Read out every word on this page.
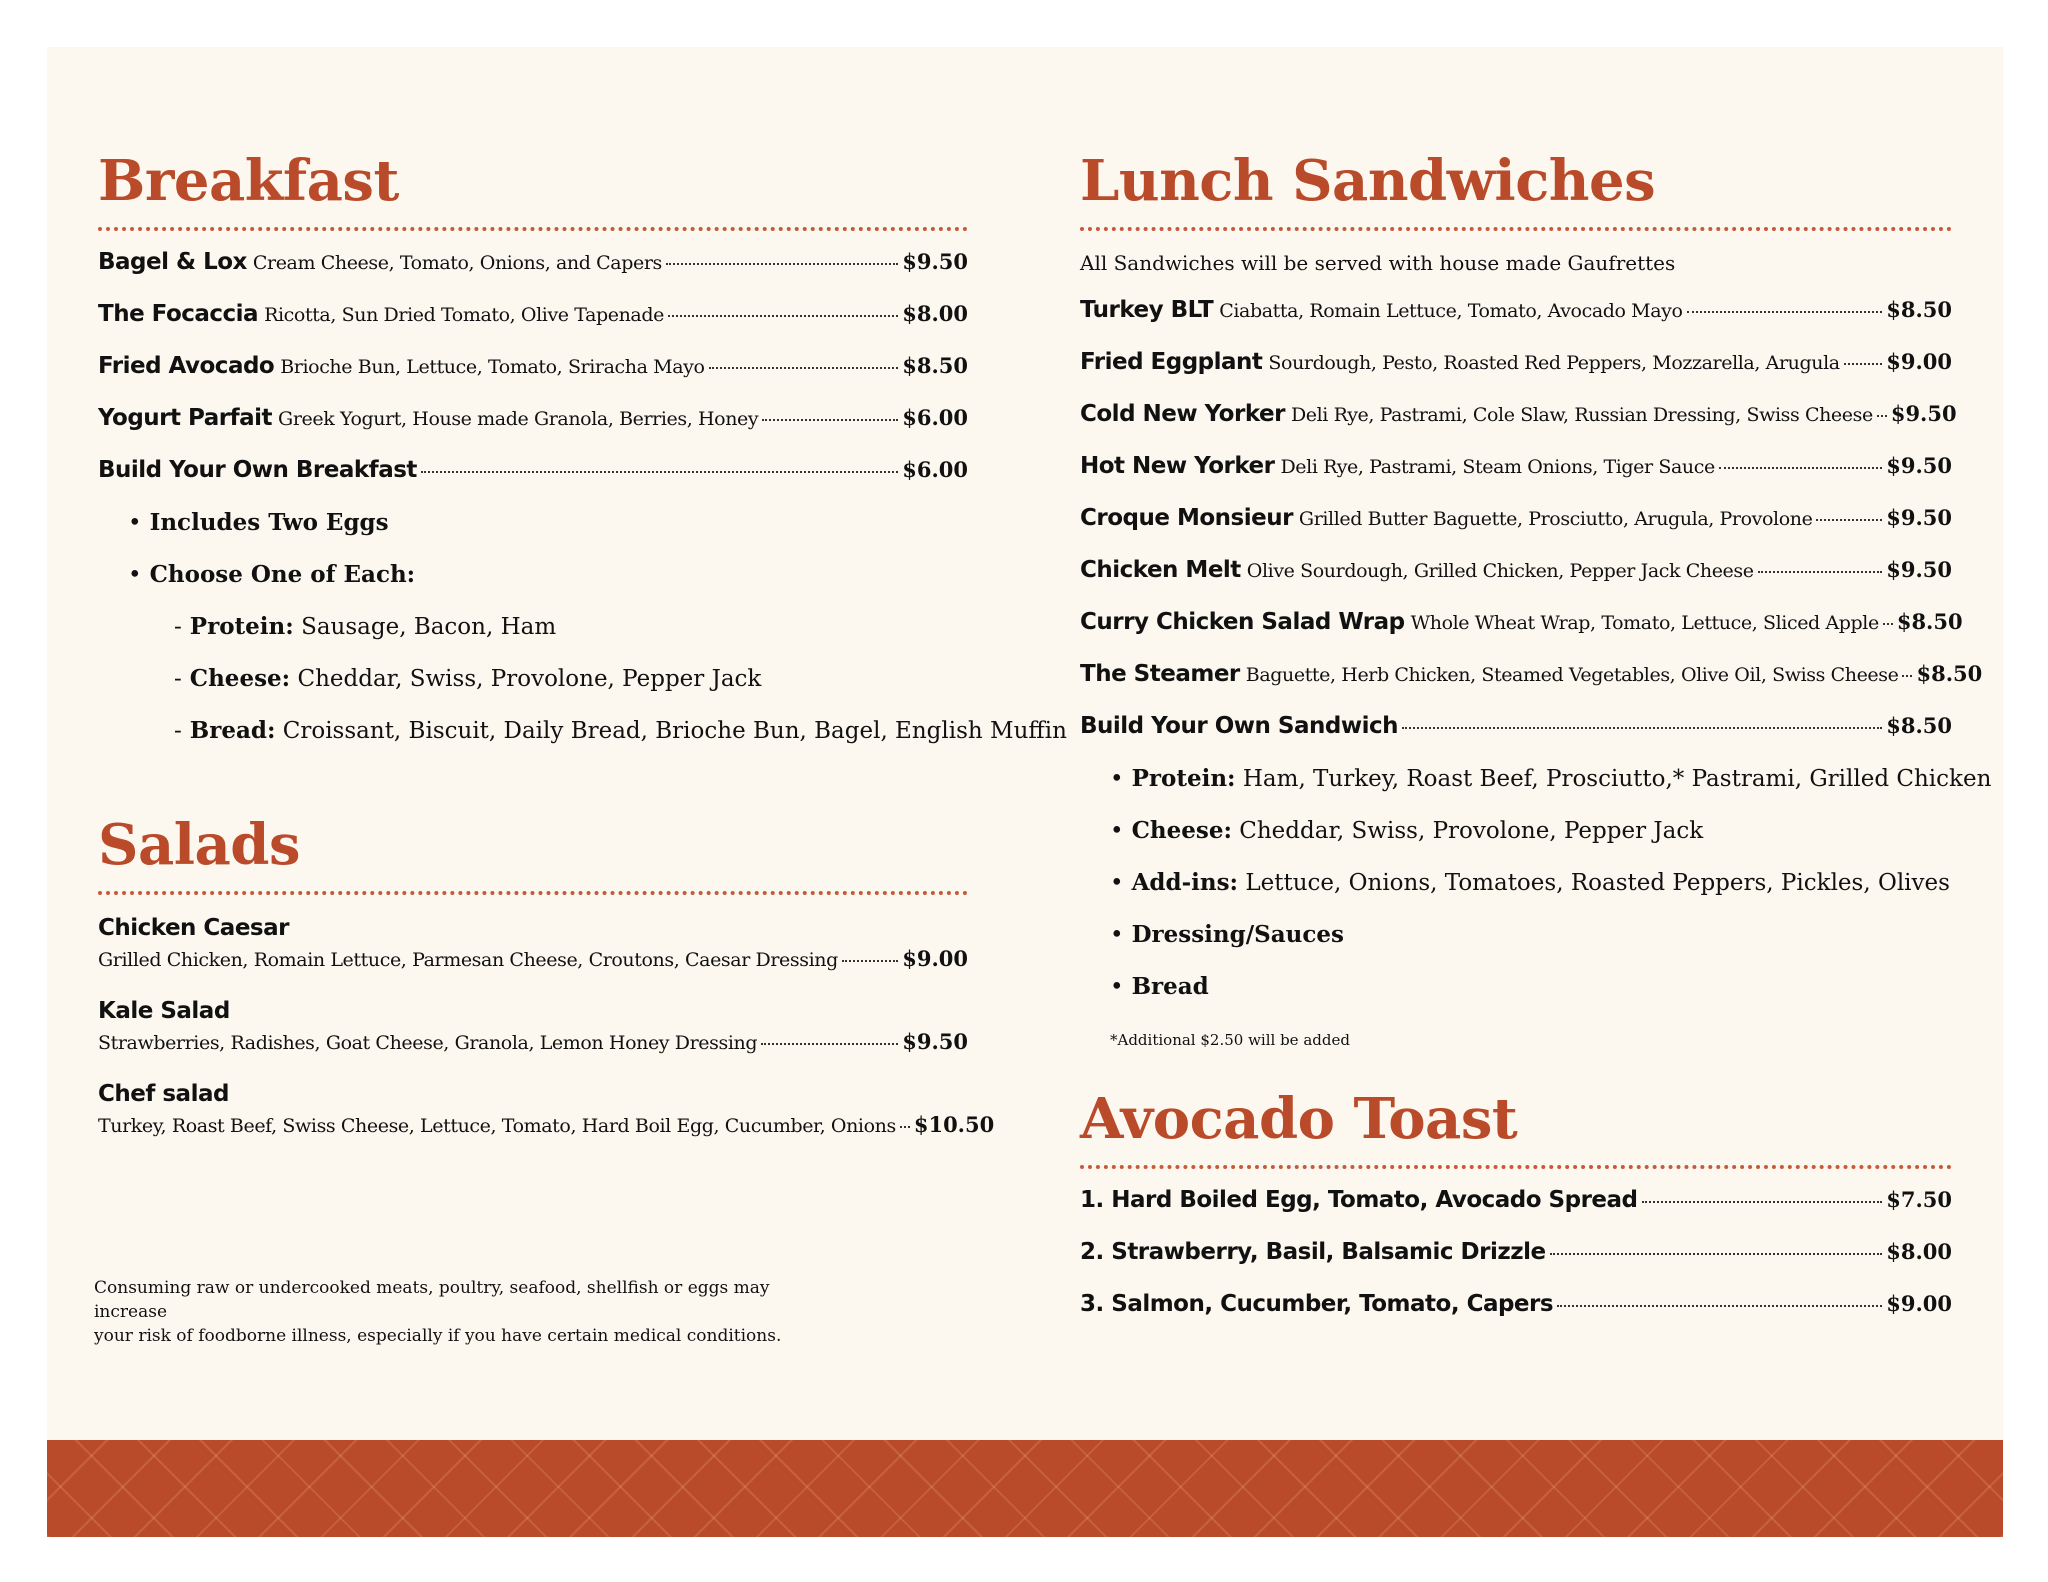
Breakfast
Bagel & Lox Cream Cheese, Tomato, Onions, and Capers	$9.50
The Focaccia Ricotta, Sun Dried Tomato, Olive Tapenade	$8.00
Fried Avocado Brioche Bun, Lettuce, Tomato, Sriracha Mayo	$8.50
Yogurt Parfait Greek Yogurt, House made Granola, Berries, Honey	$6.00
Build Your Own Breakfast	$6.00
• Includes Two Eggs
• Choose One of Each:
- Protein:
Sausage, Bacon, Ham
- Cheese:
Cheddar, Swiss, Provolone, Pepper Jack
- Bread:
Croissant, Biscuit, Daily Bread, Brioche Bun, Bagel, English Muffin
Salads
Chicken Caesar
Grilled Chicken, Romain Lettuce, Parmesan Cheese, Croutons, Caesar Dressing	$9.00
Kale Salad
Strawberries, Radishes, Goat Cheese, Granola, Lemon Honey Dressing	$9.50
Chef salad
Turkey, Roast Beef, Swiss Cheese, Lettuce, Tomato, Hard Boil Egg, Cucumber, Onions $10.50
Consuming raw or undercooked meats, poultry, seafood, shellfish or eggs may increase
your risk of foodborne illness, especially if you have certain medical conditions.
Lunch Sandwiches

All Sandwiches will be served with house made Gaufrettes

Turkey BLT Ciabatta, Romain Lettuce, Tomato, Avocado Mayo	$8.50
Fried Eggplant Sourdough, Pesto, Roasted Red Peppers, Mozzarella, Arugula $9.00
Cold New Yorker Deli Rye, Pastrami, Cole Slaw, Russian Dressing, Swiss Cheese $9.50
Hot New Yorker Deli Rye, Pastrami, Steam Onions, Tiger Sauce	$9.50
Croque Monsieur Grilled Butter Baguette, Prosciutto, Arugula, Provolone	$9.50
Chicken Melt Olive Sourdough, Grilled Chicken, Pepper Jack Cheese	$9.50
Curry Chicken Salad Wrap Whole Wheat Wrap, Tomato, Lettuce, Sliced Apple $8.50
The Steamer Baguette, Herb Chicken, Steamed Vegetables, Olive Oil, Swiss Cheese $8.50
Build Your Own Sandwich	$8.50
• Protein:
Ham, Turkey, Roast Beef, Prosciutto,* Pastrami, Grilled Chicken
• Cheese:
Cheddar, Swiss, Provolone, Pepper Jack
• Add-ins:
Lettuce, Onions, Tomatoes, Roasted Peppers, Pickles, Olives
• Dressing/Sauces
• Bread
*Additional $2.50 will be added
Avocado Toast
1. Hard Boiled Egg, Tomato, Avocado Spread	$7.50
2. Strawberry, Basil, Balsamic Drizzle	$8.00
3. Salmon, Cucumber, Tomato, Capers	$9.00
